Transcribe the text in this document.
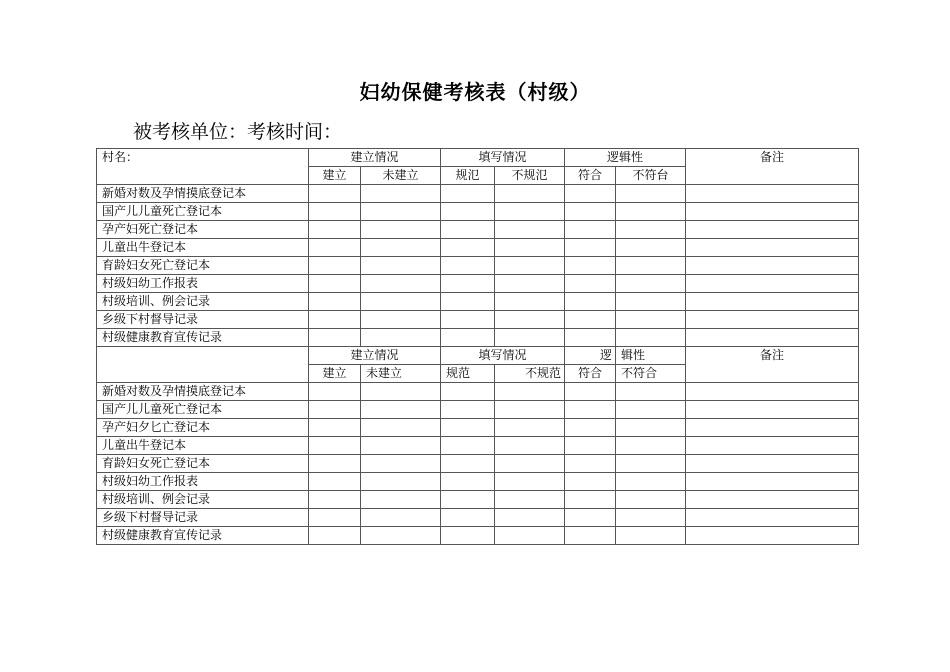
妇幼保健考核表（村级）
被考核单位：考核时间：
村名：	建立情况		填写情况		逻辑性		备注
	建立	未建立	规氾	不规氾	符合	不符台	
新婚对数及孕情摸底登记本							
国产儿儿童死亡登记本							
孕产妇死亡登记本							
儿童出牛登记本							
育龄妇女死亡登记本							
村级妇幼工作报表							
村级培训、例会记录							
乡级下村督导记录							
村级健康教育宣传记录							
	建立情况		填写情况		逻	辑性	备注
	建立	未建立	规范	不规范	符合	不符合	
新婚对数及孕情摸底登记本							
国产儿儿童死亡登记本							
孕产妇夕匕亡登记本							
儿童出牛登记本							
育龄妇女死亡登记本							
村级妇幼工作报表							
村级培训、例会记录							
乡级下村督导记录							
村级健康教育宣传记录							
